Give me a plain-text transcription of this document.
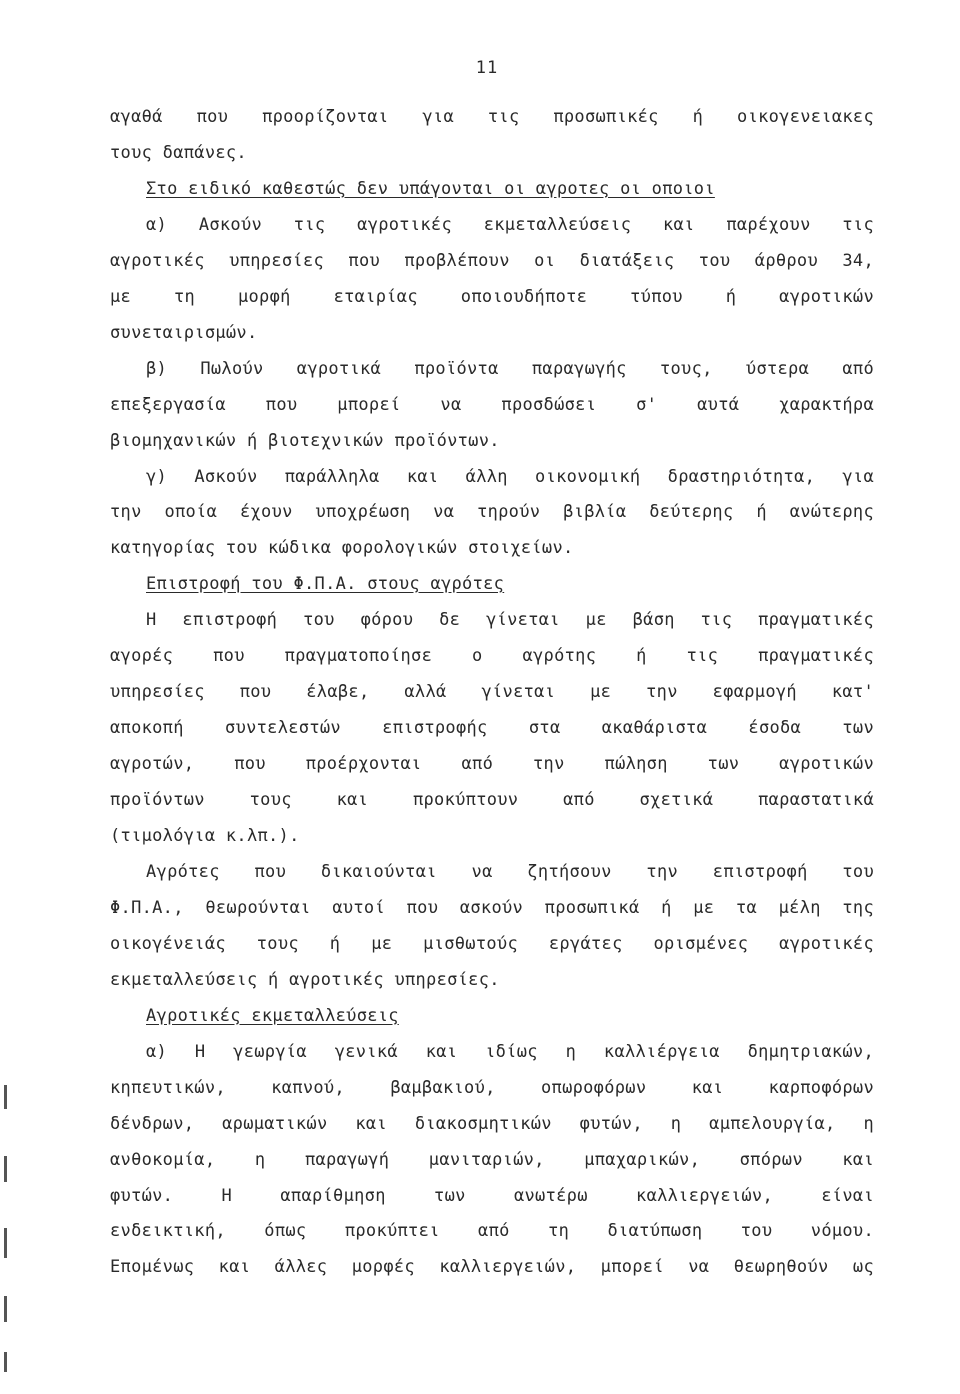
11
αγαθά που προορίζονται για τις προσωπικές ή οικογενειακες
τους δαπάνες.
Στο ειδικό καθεστώς δεν υπάγονται οι αγροτες οι οποιοι
α) Ασκούν τις αγροτικές εκμεταλλεύσεις και παρέχουν τις
αγροτικές υπηρεσίες που προβλέπουν οι διατάξεις του άρθρου 34,
με τη μορφή εταιρίας οποιουδήποτε τύπου ή αγροτικών
συνεταιρισμών.
β) Πωλούν αγροτικά προϊόντα παραγωγής τους, ύστερα από
επεξεργασία που μπορεί να προσδώσει σ' αυτά χαρακτήρα
βιομηχανικών ή βιοτεχνικών προϊόντων.
γ) Ασκούν παράλληλα και άλλη οικονομική δραστηριότητα, για
την οποία έχουν υποχρέωση να τηρούν βιβλία δεύτερης ή ανώτερης
κατηγορίας του κώδικα φορολογικών στοιχείων.
Επιστροφή του Φ.Π.Α. στους αγρότες
Η επιστροφή του φόρου δε γίνεται με βάση τις πραγματικές
αγορές που πραγματοποίησε ο αγρότης ή τις πραγματικές
υπηρεσίες που έλαβε, αλλά γίνεται με την εφαρμογή κατ'
αποκοπή συντελεστών επιστροφής στα ακαθάριστα έσοδα των
αγροτών, που προέρχονται από την πώληση των αγροτικών
προϊόντων τους και προκύπτουν από σχετικά παραστατικά
(τιμολόγια κ.λπ.).
Αγρότες που δικαιούνται να ζητήσουν την επιστροφή του
Φ.Π.Α., θεωρούνται αυτοί που ασκούν προσωπικά ή με τα μέλη της
οικογένειάς τους ή με μισθωτούς εργάτες ορισμένες αγροτικές
εκμεταλλεύσεις ή αγροτικές υπηρεσίες.
Αγροτικές εκμεταλλεύσεις
α) Η γεωργία γενικά και ιδίως η καλλιέργεια δημητριακών,
κηπευτικών, καπνού, βαμβακιού, οπωροφόρων και καρποφόρων
δένδρων, αρωματικών και διακοσμητικών φυτών, η αμπελουργία, η
ανθοκομία, η παραγωγή μανιταριών, μπαχαρικών, σπόρων και
φυτών. Η απαρίθμηση των ανωτέρω καλλιεργειών, είναι
ενδεικτική, όπως προκύπτει από τη διατύπωση του νόμου.
Επομένως και άλλες μορφές καλλιεργειών, μπορεί να θεωρηθούν ως
